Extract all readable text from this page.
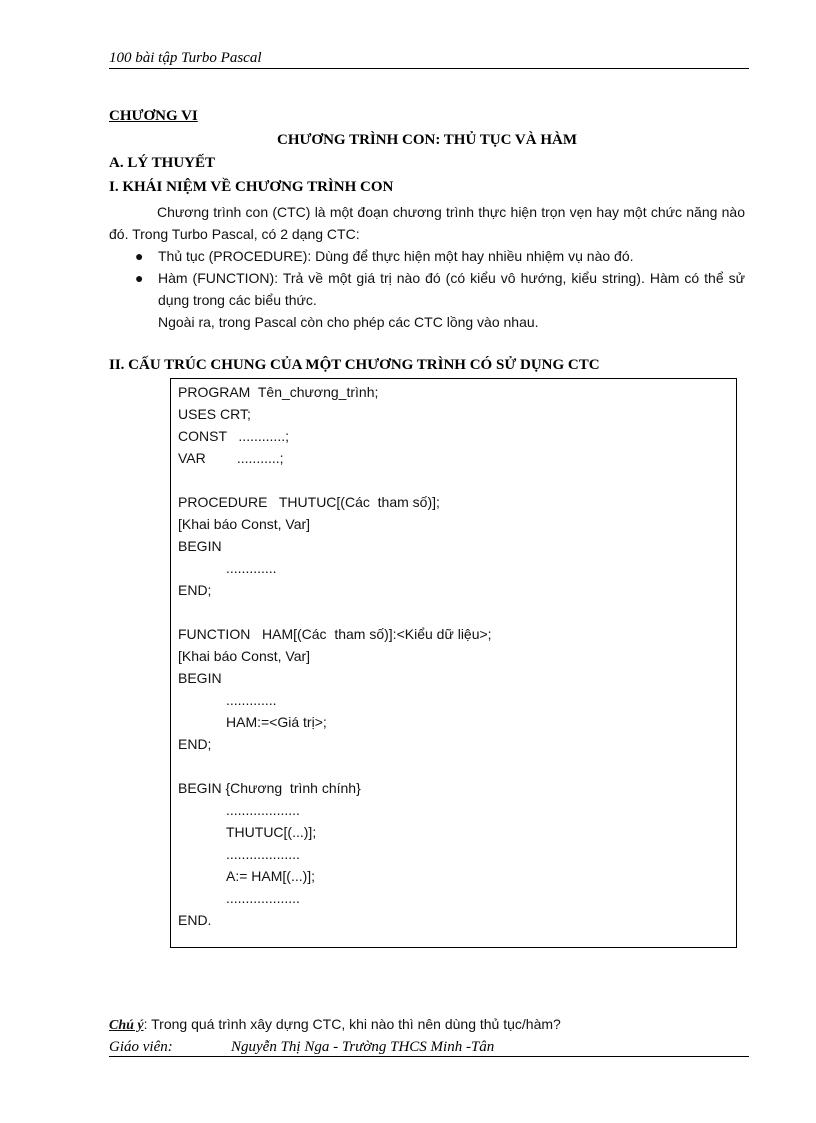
100 bài tập Turbo Pascal
CHƯƠNG VI
CHƯƠNG TRÌNH CON: THỦ TỤC VÀ HÀM
A. LÝ THUYẾT
I. KHÁI NIỆM VỀ CHƯƠNG TRÌNH CON
Chương trình con (CTC) là một đoạn chương trình thực hiện trọn vẹn hay một chức năng nào đó. Trong Turbo Pascal, có 2 dạng CTC:
● Thủ tục (PROCEDURE): Dùng để thực hiện một hay nhiều nhiệm vụ nào đó.
● Hàm (FUNCTION): Trả về một giá trị nào đó (có kiểu vô hướng, kiểu string). Hàm có thể sử dụng trong các biểu thức.
Ngoài ra, trong Pascal còn cho phép các CTC lồng vào nhau.
II. CẤU TRÚC CHUNG CỦA MỘT CHƯƠNG TRÌNH CÓ SỬ DỤNG CTC
PROGRAM  Tên_chương_trình;
USES CRT;
CONST   ............;
VAR        ...........;
PROCEDURE   THUTUC[(Các  tham số)];
[Khai báo Const, Var]
BEGIN
.............
END;
FUNCTION   HAM[(Các  tham số)]:<Kiểu dữ liệu>;
[Khai báo Const, Var]
BEGIN
.............
HAM:=<Giá trị>;
END;
BEGIN {Chương  trình chính}
...................
THUTUC[(...)];
...................
A:= HAM[(...)];
...................
END.
Chú ý: Trong quá trình xây dựng CTC, khi nào thì nên dùng thủ tục/hàm?
Giáo viên:	Nguyễn Thị Nga - Trường THCS Minh -Tân
